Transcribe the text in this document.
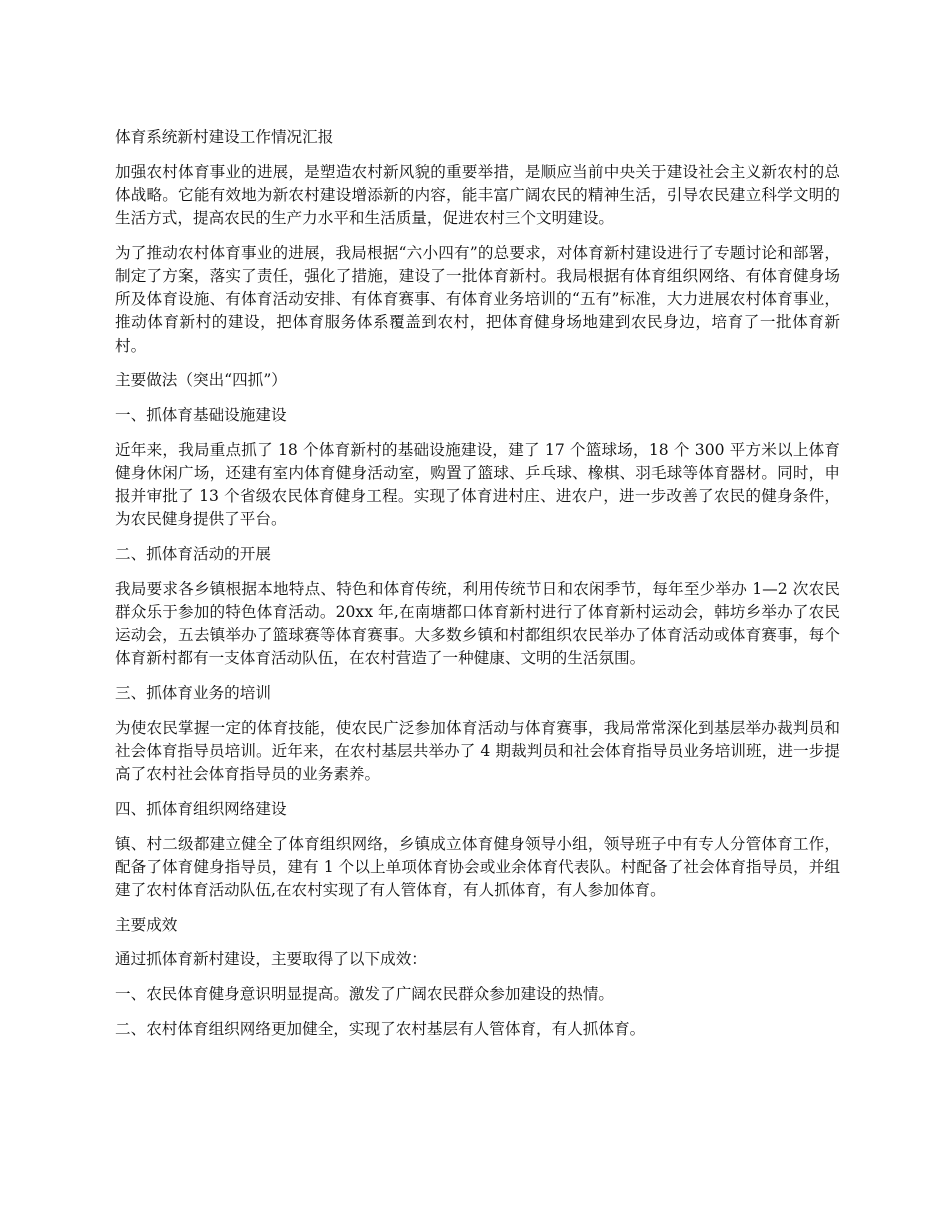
体育系统新村建设工作情况汇报

加强农村体育事业的进展，是塑造农村新风貌的重要举措，是顺应当前中央关于建设社会主义新农村的总体战略。它能有效地为新农村建设增添新的内容，能丰富广阔农民的精神生活，引导农民建立科学文明的生活方式，提高农民的生产力水平和生活质量，促进农村三个文明建设。

为了推动农村体育事业的进展，我局根据“六小四有”的总要求，对体育新村建设进行了专题讨论和部署，制定了方案，落实了责任，强化了措施，建设了一批体育新村。我局根据有体育组织网络、有体育健身场所及体育设施、有体育活动安排、有体育赛事、有体育业务培训的“五有”标准，大力进展农村体育事业，推动体育新村的建设，把体育服务体系覆盖到农村，把体育健身场地建到农民身边，培育了一批体育新村。

主要做法（突出“四抓”）

一、抓体育基础设施建设

近年来，我局重点抓了 18 个体育新村的基础设施建设，建了 17 个篮球场，18 个 300 平方米以上体育健身休闲广场，还建有室内体育健身活动室，购置了篮球、乒乓球、橡棋、羽毛球等体育器材。同时，申报并审批了 13 个省级农民体育健身工程。实现了体育进村庄、进农户，进一步改善了农民的健身条件，为农民健身提供了平台。

二、抓体育活动的开展

我局要求各乡镇根据本地特点、特色和体育传统，利用传统节日和农闲季节，每年至少举办 1—2 次农民群众乐于参加的特色体育活动。20xx 年,在南塘都口体育新村进行了体育新村运动会，韩坊乡举办了农民运动会，五去镇举办了篮球赛等体育赛事。大多数乡镇和村都组织农民举办了体育活动或体育赛事，每个体育新村都有一支体育活动队伍，在农村营造了一种健康、文明的生活氛围。

三、抓体育业务的培训

为使农民掌握一定的体育技能，使农民广泛参加体育活动与体育赛事，我局常常深化到基层举办裁判员和社会体育指导员培训。近年来，在农村基层共举办了 4 期裁判员和社会体育指导员业务培训班，进一步提高了农村社会体育指导员的业务素养。

四、抓体育组织网络建设

镇、村二级都建立健全了体育组织网络，乡镇成立体育健身领导小组，领导班子中有专人分管体育工作，配备了体育健身指导员，建有 1 个以上单项体育协会或业余体育代表队。村配备了社会体育指导员，并组建了农村体育活动队伍,在农村实现了有人管体育，有人抓体育，有人参加体育。

主要成效

通过抓体育新村建设，主要取得了以下成效：

一、农民体育健身意识明显提高。激发了广阔农民群众参加建设的热情。

二、农村体育组织网络更加健全，实现了农村基层有人管体育，有人抓体育。
